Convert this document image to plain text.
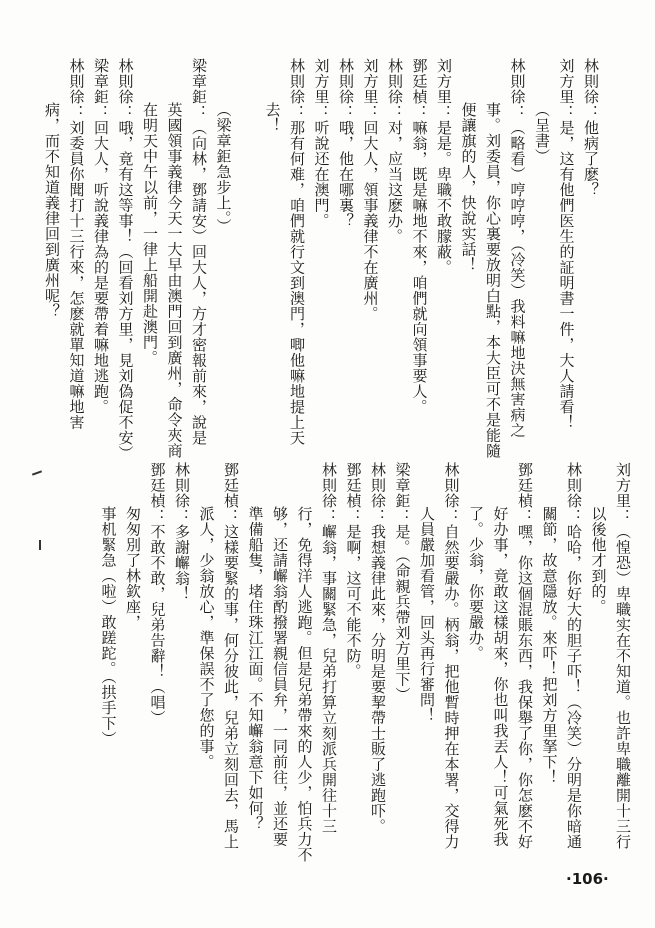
林則徐：他病了麽？
刘方里：是，这有他們医生的証明書一件，大人請看！
（呈書）
林則徐：（略看）哼哼哼，（冷笑）我料嘛地決無害病之
事。刘委員，你心裏要放明白點，本大臣可不是能隨
便讓旗的人，快說实話！
刘方里：是是。卑職不敢朦蔽。
鄧廷楨：嘛翁，既是嘛地不來，咱們就向領事要人。
林則徐：对，应当这麽办。
刘方里：回大人，領事義律不在廣州。
林則徐：哦，他在哪裏？
刘方里：听說还在澳門。
林則徐：那有何难，咱們就行文到澳門，唧他嘛地提上天
去！
（梁章鉅急步上。）
梁章鉅：（向林，鄧請安）回大人，方才密報前來，說是
英國領事義律今天一大早由澳門回到廣州，命令夾商
在明天中午以前，一律上船開赴澳門。
林則徐：哦，竟有这等事！（回看刘方里，見刘偽促不安）
梁章鉅：回大人，听說義律為的是要帶着嘛地逃跑。
林則徐：刘委員你聞打十三行來，怎麽就單知道嘛地害
病，而不知道義律回到廣州呢？
刘方里：（惶恐）卑職实在不知道。也許卑職離開十三行
以後他才到的。
林則徐：哈哈，你好大的胆子吓！（冷笑）分明是你暗通
關節，故意隱放。來吓！把刘方里拏下！
鄧廷楨：嘿，你这個混賬东西，我保舉了你，你怎麽不好
好办事，竟敢这樣胡來，你也叫我丟人！可氣死我
了。少翁，你要嚴办。
林則徐：自然要嚴办。柄翁，把他暫時押在本署，交得力
人員嚴加看管，回头再行審問！
梁章鉅：是。（命親兵帶刘方里下）
林則徐：我想義律此來，分明是要挈帶士販了逃跑吓。
鄧廷楨：是啊，这可不能不防。
林則徐：嶰翁，事關緊急，兒弟打算立刻派兵開往十三
行，免得洋人逃跑。但是兒弟帶來的人少，怕兵力不
够，还請嶰翁酌撥署親信員弁，一同前往，並还要
準備船隻，堵住珠江江面。不知嶰翁意下如何？
鄧廷楨：这樣要緊的事，何分彼此，兒弟立刻回去，馬上
派人，少翁放心，準保誤不了您的事。
林則徐：多謝嶰翁！
鄧廷楨：不敢不敢，兒弟告辭！（唱）
匆匆別了林欽座，
事机緊急（啦）敢蹉跎。（拱手下）
·106·
